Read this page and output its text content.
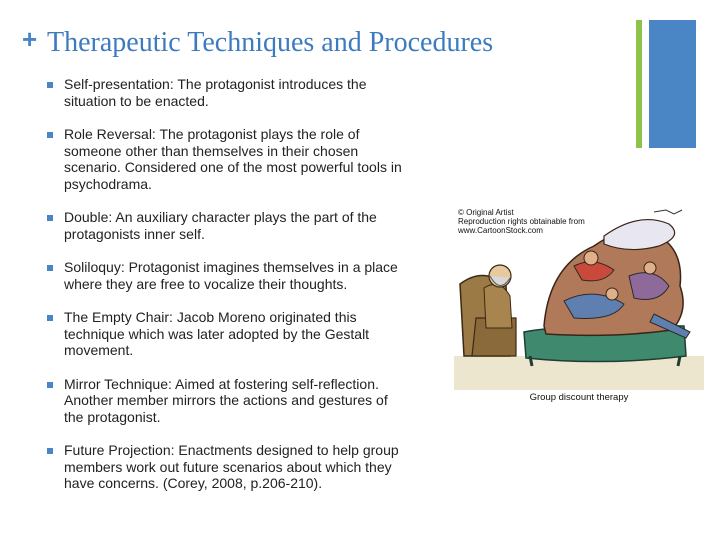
+ Therapeutic Techniques and Procedures
Self-presentation: The protagonist introduces the
situation to be enacted.
Role Reversal: The protagonist plays the role of
someone other than themselves in their chosen
scenario. Considered one of the most powerful tools in
psychodrama.
Double: An auxiliary character plays the part of the
protagonists inner self.
Soliloquy: Protagonist imagines themselves in a place
where they are free to vocalize their thoughts.
The Empty Chair: Jacob Moreno originated this
technique which was later adopted by the Gestalt
movement.
Mirror Technique: Aimed at fostering self-reflection.
Another member mirrors the actions and gestures of
the protagonist.
Future Projection: Enactments designed to help group
members work out future scenarios about which they
have concerns. (Corey, 2008, p.206-210).
© Original Artist
Reproduction rights obtainable from
www.CartoonStock.com
Group discount therapy
